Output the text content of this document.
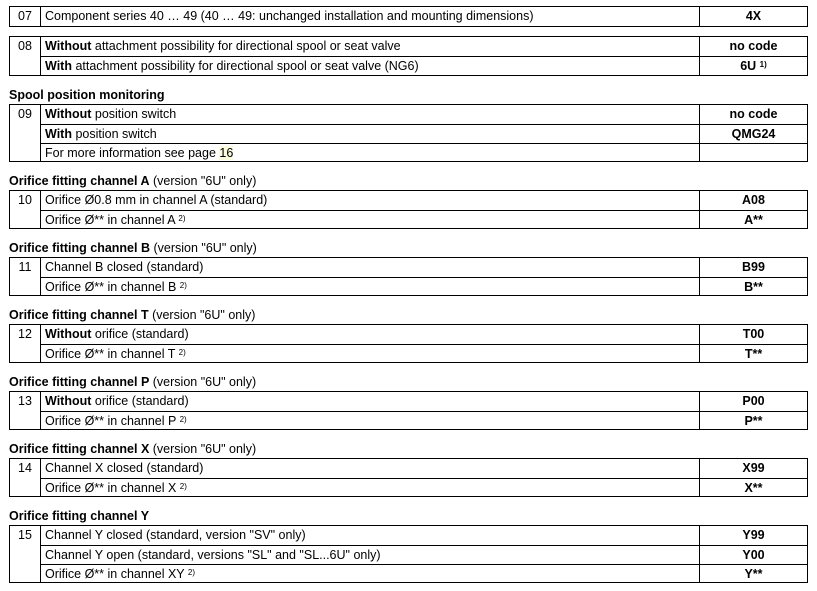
07	Component series 40 … 49 (40 … 49: unchanged installation and mounting dimensions)	4X
08	Without attachment possibility for directional spool or seat valve	no code
With attachment possibility for directional spool or seat valve (NG6)	6U $^{1)}$
Spool position monitoring
09	Without position switch	no code
With position switch	QMG24
For more information see page 16
Orifice fitting channel A (version "6U" only)
10	Orifice Ø0.8 mm in channel A (standard)	A08
Orifice Ø** in channel A $^{2)}$	A**
Orifice fitting channel B (version "6U" only)
11	Channel B closed (standard)	B99
Orifice Ø** in channel B $^{2)}$	B**
Orifice fitting channel T (version "6U" only)
12	Without orifice (standard)	T00
Orifice Ø** in channel T $^{2)}$	T**
Orifice fitting channel P (version "6U" only)
13	Without orifice (standard)	P00
Orifice Ø** in channel P $^{2)}$	P**
Orifice fitting channel X (version "6U" only)
14	Channel X closed (standard)	X99
Orifice Ø** in channel X $^{2)}$	X**
Orifice fitting channel Y
15	Channel Y closed (standard, version "SV" only)	Y99
Channel Y open (standard, versions "SL" and "SL...6U" only)	Y00
Orifice Ø** in channel XY $^{2)}$	Y**
